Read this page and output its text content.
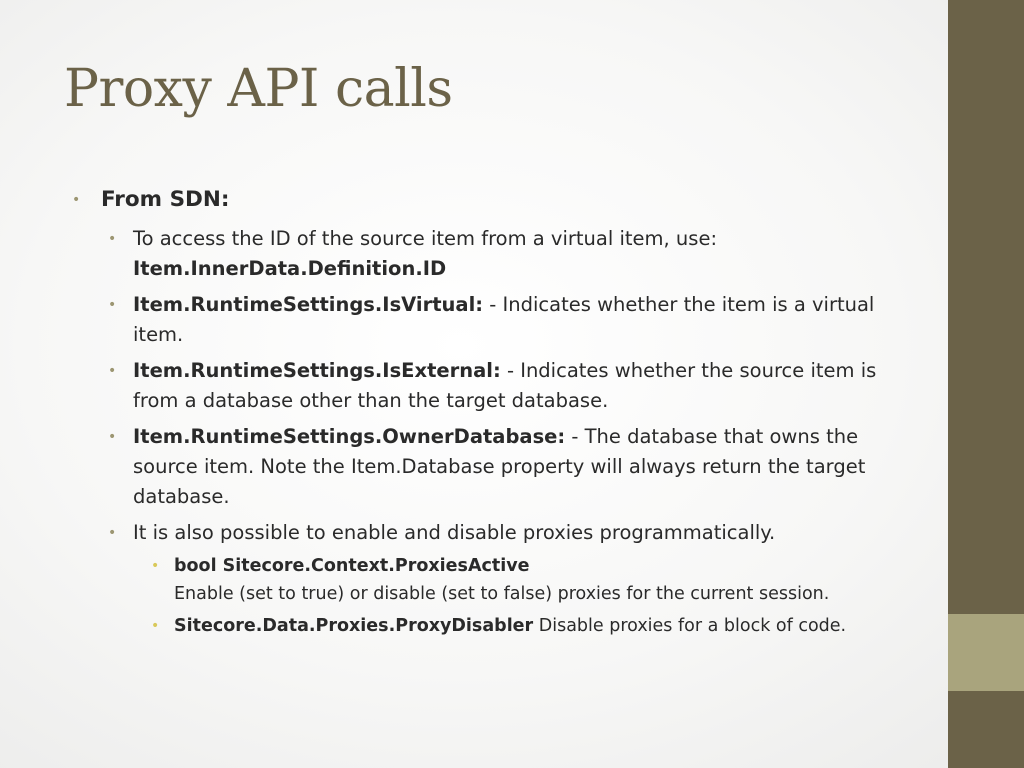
Proxy API calls
• From SDN:
• To access the ID of the source item from a virtual item, use:
Item.InnerData.Definition.ID
• Item.RuntimeSettings.IsVirtual: - Indicates whether the item is a virtual item.
• Item.RuntimeSettings.IsExternal: - Indicates whether the source item is from a database other than the target database.
• Item.RuntimeSettings.OwnerDatabase: - The database that owns the source item. Note the Item.Database property will always return the target database.
• It is also possible to enable and disable proxies programmatically.
• bool Sitecore.Context.ProxiesActive
Enable (set to true) or disable (set to false) proxies for the current session.
• Sitecore.Data.Proxies.ProxyDisabler Disable proxies for a block of code.
